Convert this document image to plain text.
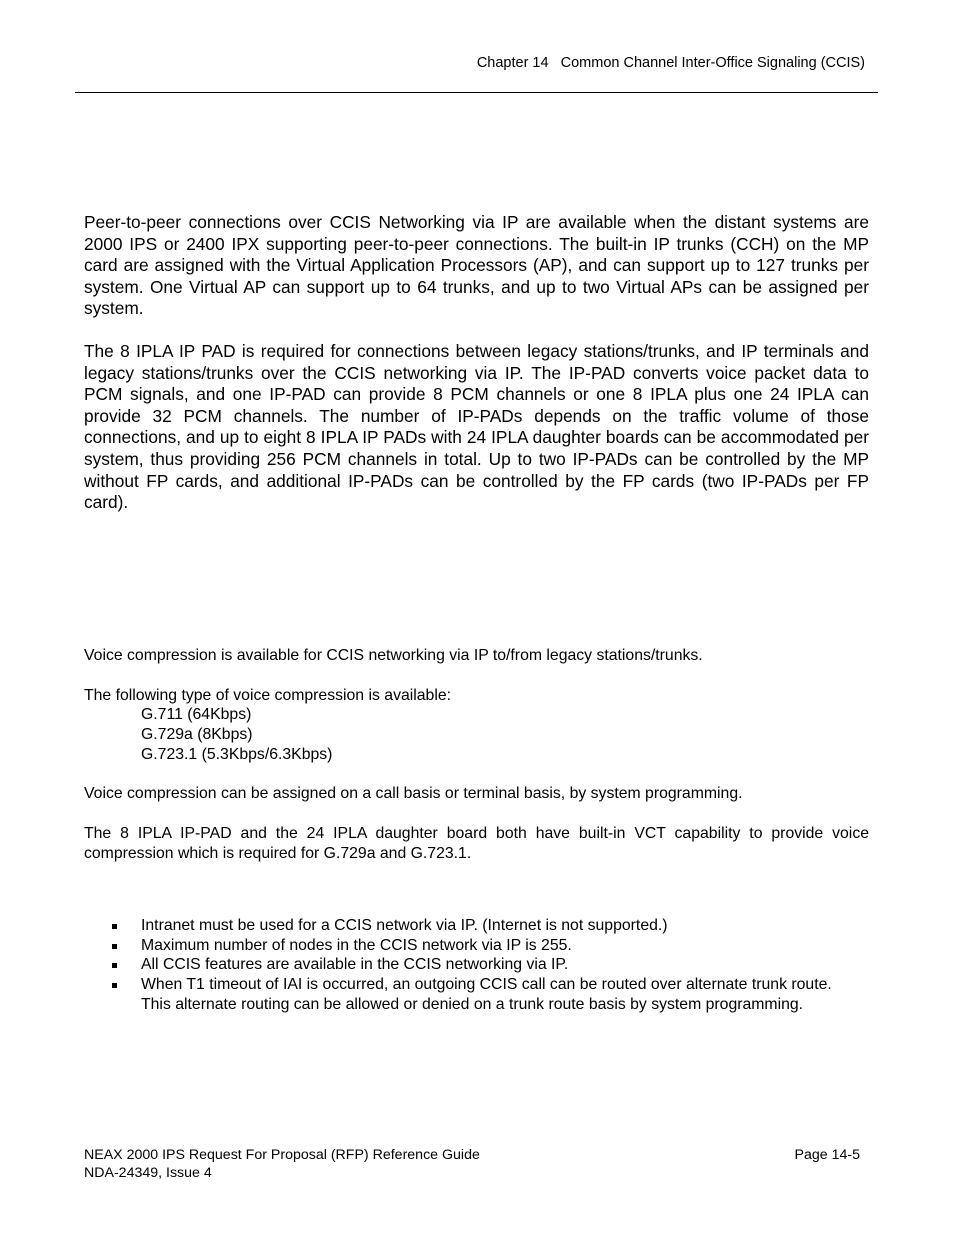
Chapter 14   Common Channel Inter-Office Signaling (CCIS)
Peer-to-peer connections over CCIS Networking via IP are available when the distant systems are 2000 IPS or 2400 IPX supporting peer-to-peer connections. The built-in IP trunks (CCH) on the MP card are assigned with the Virtual Application Processors (AP), and can support up to 127 trunks per system. One Virtual AP can support up to 64 trunks, and up to two Virtual APs can be assigned per system.
The 8 IPLA IP PAD is required for connections between legacy stations/trunks, and IP terminals and legacy stations/trunks over the CCIS networking via IP. The IP-PAD converts voice packet data to PCM signals, and one IP-PAD can provide 8 PCM channels or one 8 IPLA plus one 24 IPLA can provide 32 PCM channels. The number of IP-PADs depends on the traffic volume of those connections, and up to eight 8 IPLA IP PADs with 24 IPLA daughter boards can be accommodated per system, thus providing 256 PCM channels in total. Up to two IP-PADs can be controlled by the MP without FP cards, and additional IP-PADs can be controlled by the FP cards (two IP-PADs per FP card).
Voice compression is available for CCIS networking via IP to/from legacy stations/trunks.
The following type of voice compression is available:
G.711 (64Kbps)
G.729a (8Kbps)
G.723.1 (5.3Kbps/6.3Kbps)
Voice compression can be assigned on a call basis or terminal basis, by system programming.
The 8 IPLA IP-PAD and the 24 IPLA daughter board both have built-in VCT capability to provide voice compression which is required for G.729a and G.723.1.
Intranet must be used for a CCIS network via IP. (Internet is not supported.)
Maximum number of nodes in the CCIS network via IP is 255.
All CCIS features are available in the CCIS networking via IP.
When T1 timeout of IAI is occurred, an outgoing CCIS call can be routed over alternate trunk route. This alternate routing can be allowed or denied on a trunk route basis by system programming.
NEAX 2000 IPS Request For Proposal (RFP) Reference Guide
NDA-24349, Issue 4
Page 14-5
